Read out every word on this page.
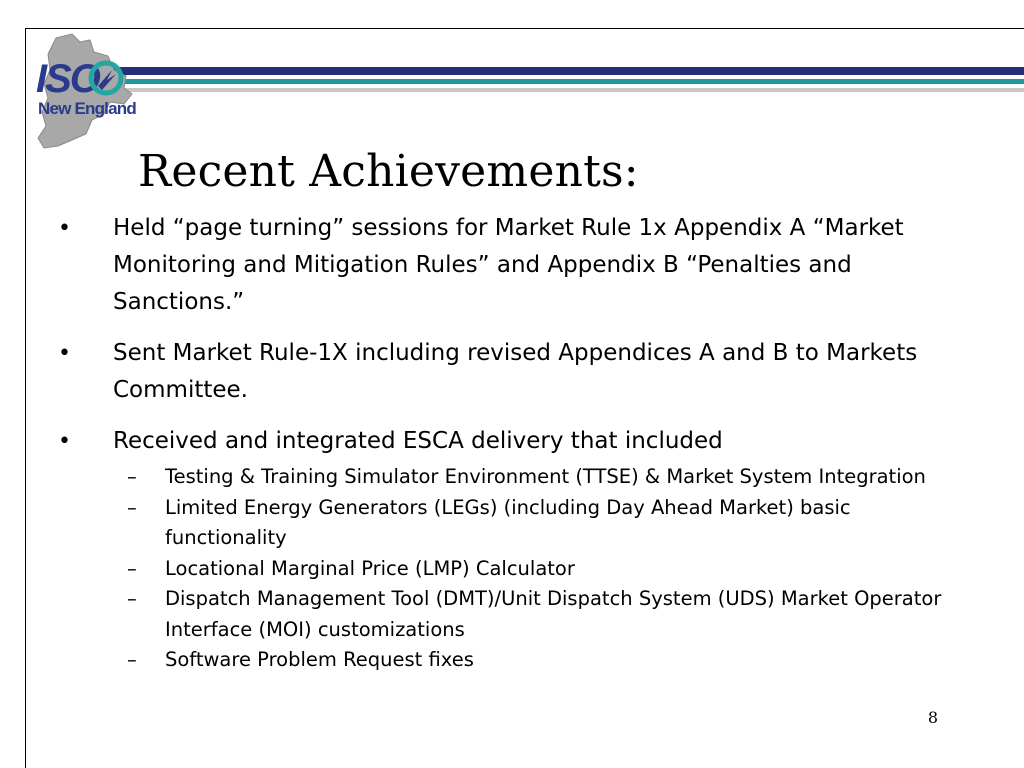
ISO
New England
Recent Achievements:
• Held “page turning” sessions for Market Rule 1x Appendix A “Market Monitoring and Mitigation Rules” and Appendix B “Penalties and Sanctions.”
• Sent Market Rule-1X including revised Appendices A and B to Markets Committee.
• Received and integrated ESCA delivery that included
– Testing & Training Simulator Environment (TTSE) & Market System Integration
– Limited Energy Generators (LEGs) (including Day Ahead Market) basic functionality
– Locational Marginal Price (LMP) Calculator
– Dispatch Management Tool (DMT)/Unit Dispatch System (UDS) Market Operator Interface (MOI) customizations
– Software Problem Request fixes
8
